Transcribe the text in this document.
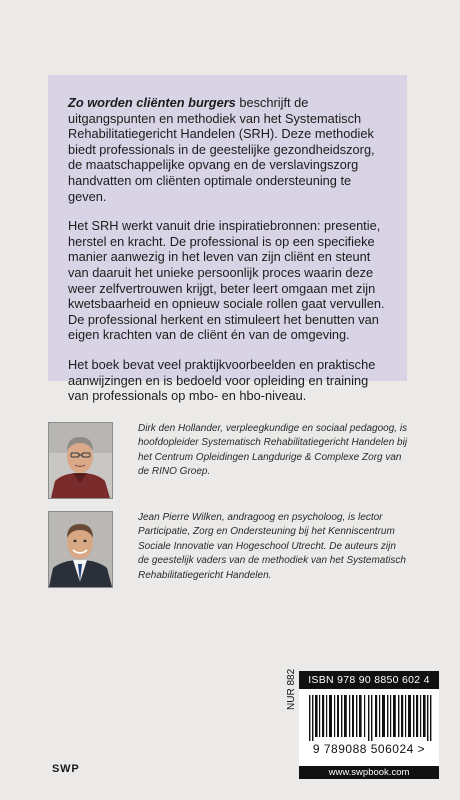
Zo worden cliënten burgers beschrijft de uitgangspunten en methodiek van het Systematisch Rehabilitatiegericht Handelen (SRH). Deze methodiek biedt professionals in de geestelijke gezondheidszorg, de maatschappelijke opvang en de verslavingszorg handvatten om cliënten optimale ondersteuning te geven.

Het SRH werkt vanuit drie inspiratiebronnen: presentie, herstel en kracht. De professional is op een specifieke manier aanwezig in het leven van zijn cliënt en steunt van daaruit het unieke persoonlijk proces waarin deze weer zelfvertrouwen krijgt, beter leert omgaan met zijn kwetsbaarheid en opnieuw sociale rollen gaat vervullen. De professional herkent en stimuleert het benutten van eigen krachten van de cliënt én van de omgeving.

Het boek bevat veel praktijkvoorbeelden en praktische aanwijzingen en is bedoeld voor opleiding en training van professionals op mbo- en hbo-niveau.

Dirk den Hollander, verpleegkundige en sociaal pedagoog, is hoofdopleider Systematisch Rehabilitatiegericht Handelen bij het Centrum Opleidingen Langdurige & Complexe Zorg van de RINO Groep.
Jean Pierre Wilken, andragoog en psycholoog, is lector Participatie, Zorg en Ondersteuning bij het Kenniscentrum Sociale Innovatie van Hogeschool Utrecht. De auteurs zijn de geestelijk vaders van de methodiek van het Systematisch Rehabilitatiegericht Handelen.
NUR 882	ISBN 978 90 8850 602 4
9 789088 506024 >
www.swpbook.com
SWP
